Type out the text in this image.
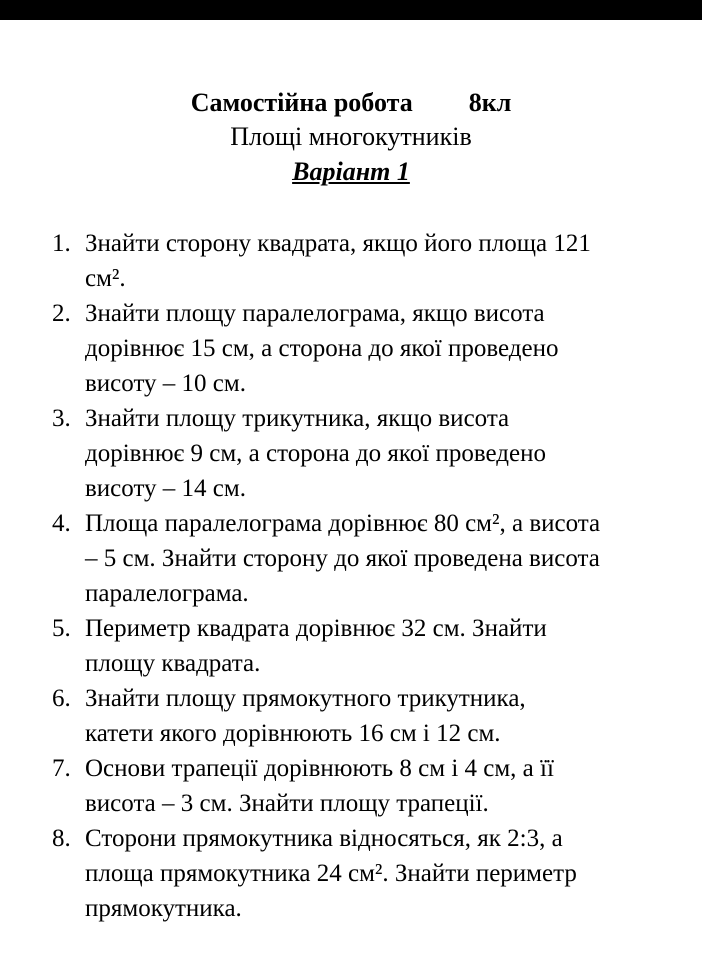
Самостійна робота 8кл
Площі многокутників
Варіант 1
1. Знайти сторону квадрата, якщо його площа 121
см².
2. Знайти площу паралелограма, якщо висота
дорівнює 15 см, а сторона до якої проведено
висоту – 10 см.
3. Знайти площу трикутника, якщо висота
дорівнює 9 см, а сторона до якої проведено
висоту – 14 см.
4. Площа паралелограма дорівнює 80 см², а висота
– 5 см. Знайти сторону до якої проведена висота
паралелограма.
5. Периметр квадрата дорівнює 32 см. Знайти
площу квадрата.
6. Знайти площу прямокутного трикутника,
катети якого дорівнюють 16 см і 12 см.
7. Основи трапеції дорівнюють 8 см і 4 см, а її
висота – 3 см. Знайти площу трапеції.
8. Сторони прямокутника відносяться, як 2:3, а
площа прямокутника 24 см². Знайти периметр
прямокутника.
